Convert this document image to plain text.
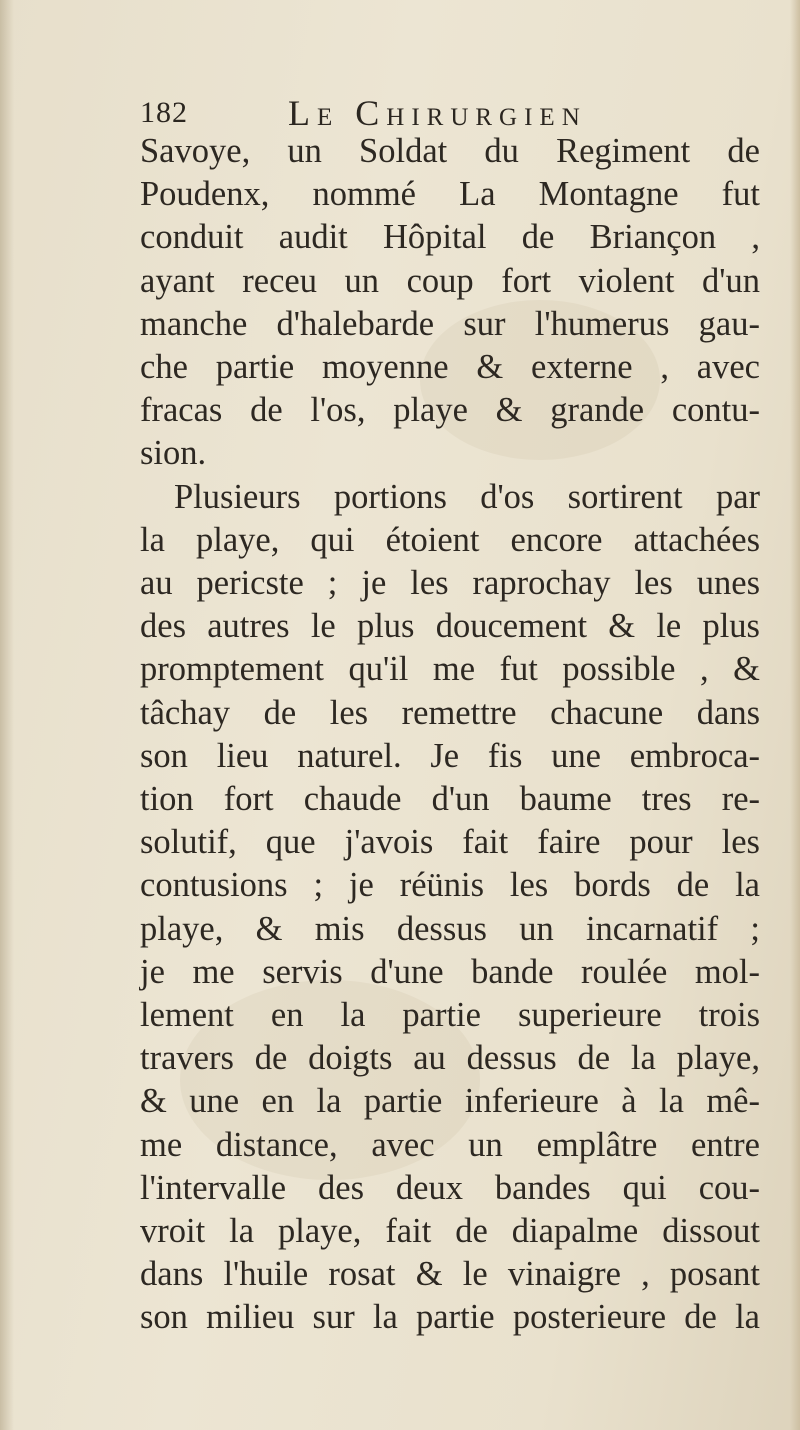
182	Le Chirurgien
Savoye, un Soldat du Regiment de
Poudenx, nommé La Montagne fut
conduit audit Hôpital de Briançon ,
ayant receu un coup fort violent d'un
manche d'halebarde sur l'humerus gau-
che partie moyenne & externe , avec
fracas de l'os, playe & grande contu-
sion.
Plusieurs portions d'os sortirent par
la playe, qui étoient encore attachées
au pericste ; je les raprochay les unes
des autres le plus doucement & le plus
promptement qu'il me fut possible , &
tâchay de les remettre chacune dans
son lieu naturel. Je fis une embroca-
tion fort chaude d'un baume tres re-
solutif, que j'avois fait faire pour les
contusions ; je réünis les bords de la
playe, & mis dessus un incarnatif ;
je me servis d'une bande roulée mol-
lement en la partie superieure trois
travers de doigts au dessus de la playe,
& une en la partie inferieure à la mê-
me distance, avec un emplâtre entre
l'intervalle des deux bandes qui cou-
vroit la playe, fait de diapalme dissout
dans l'huile rosat & le vinaigre , posant
son milieu sur la partie posterieure de la
